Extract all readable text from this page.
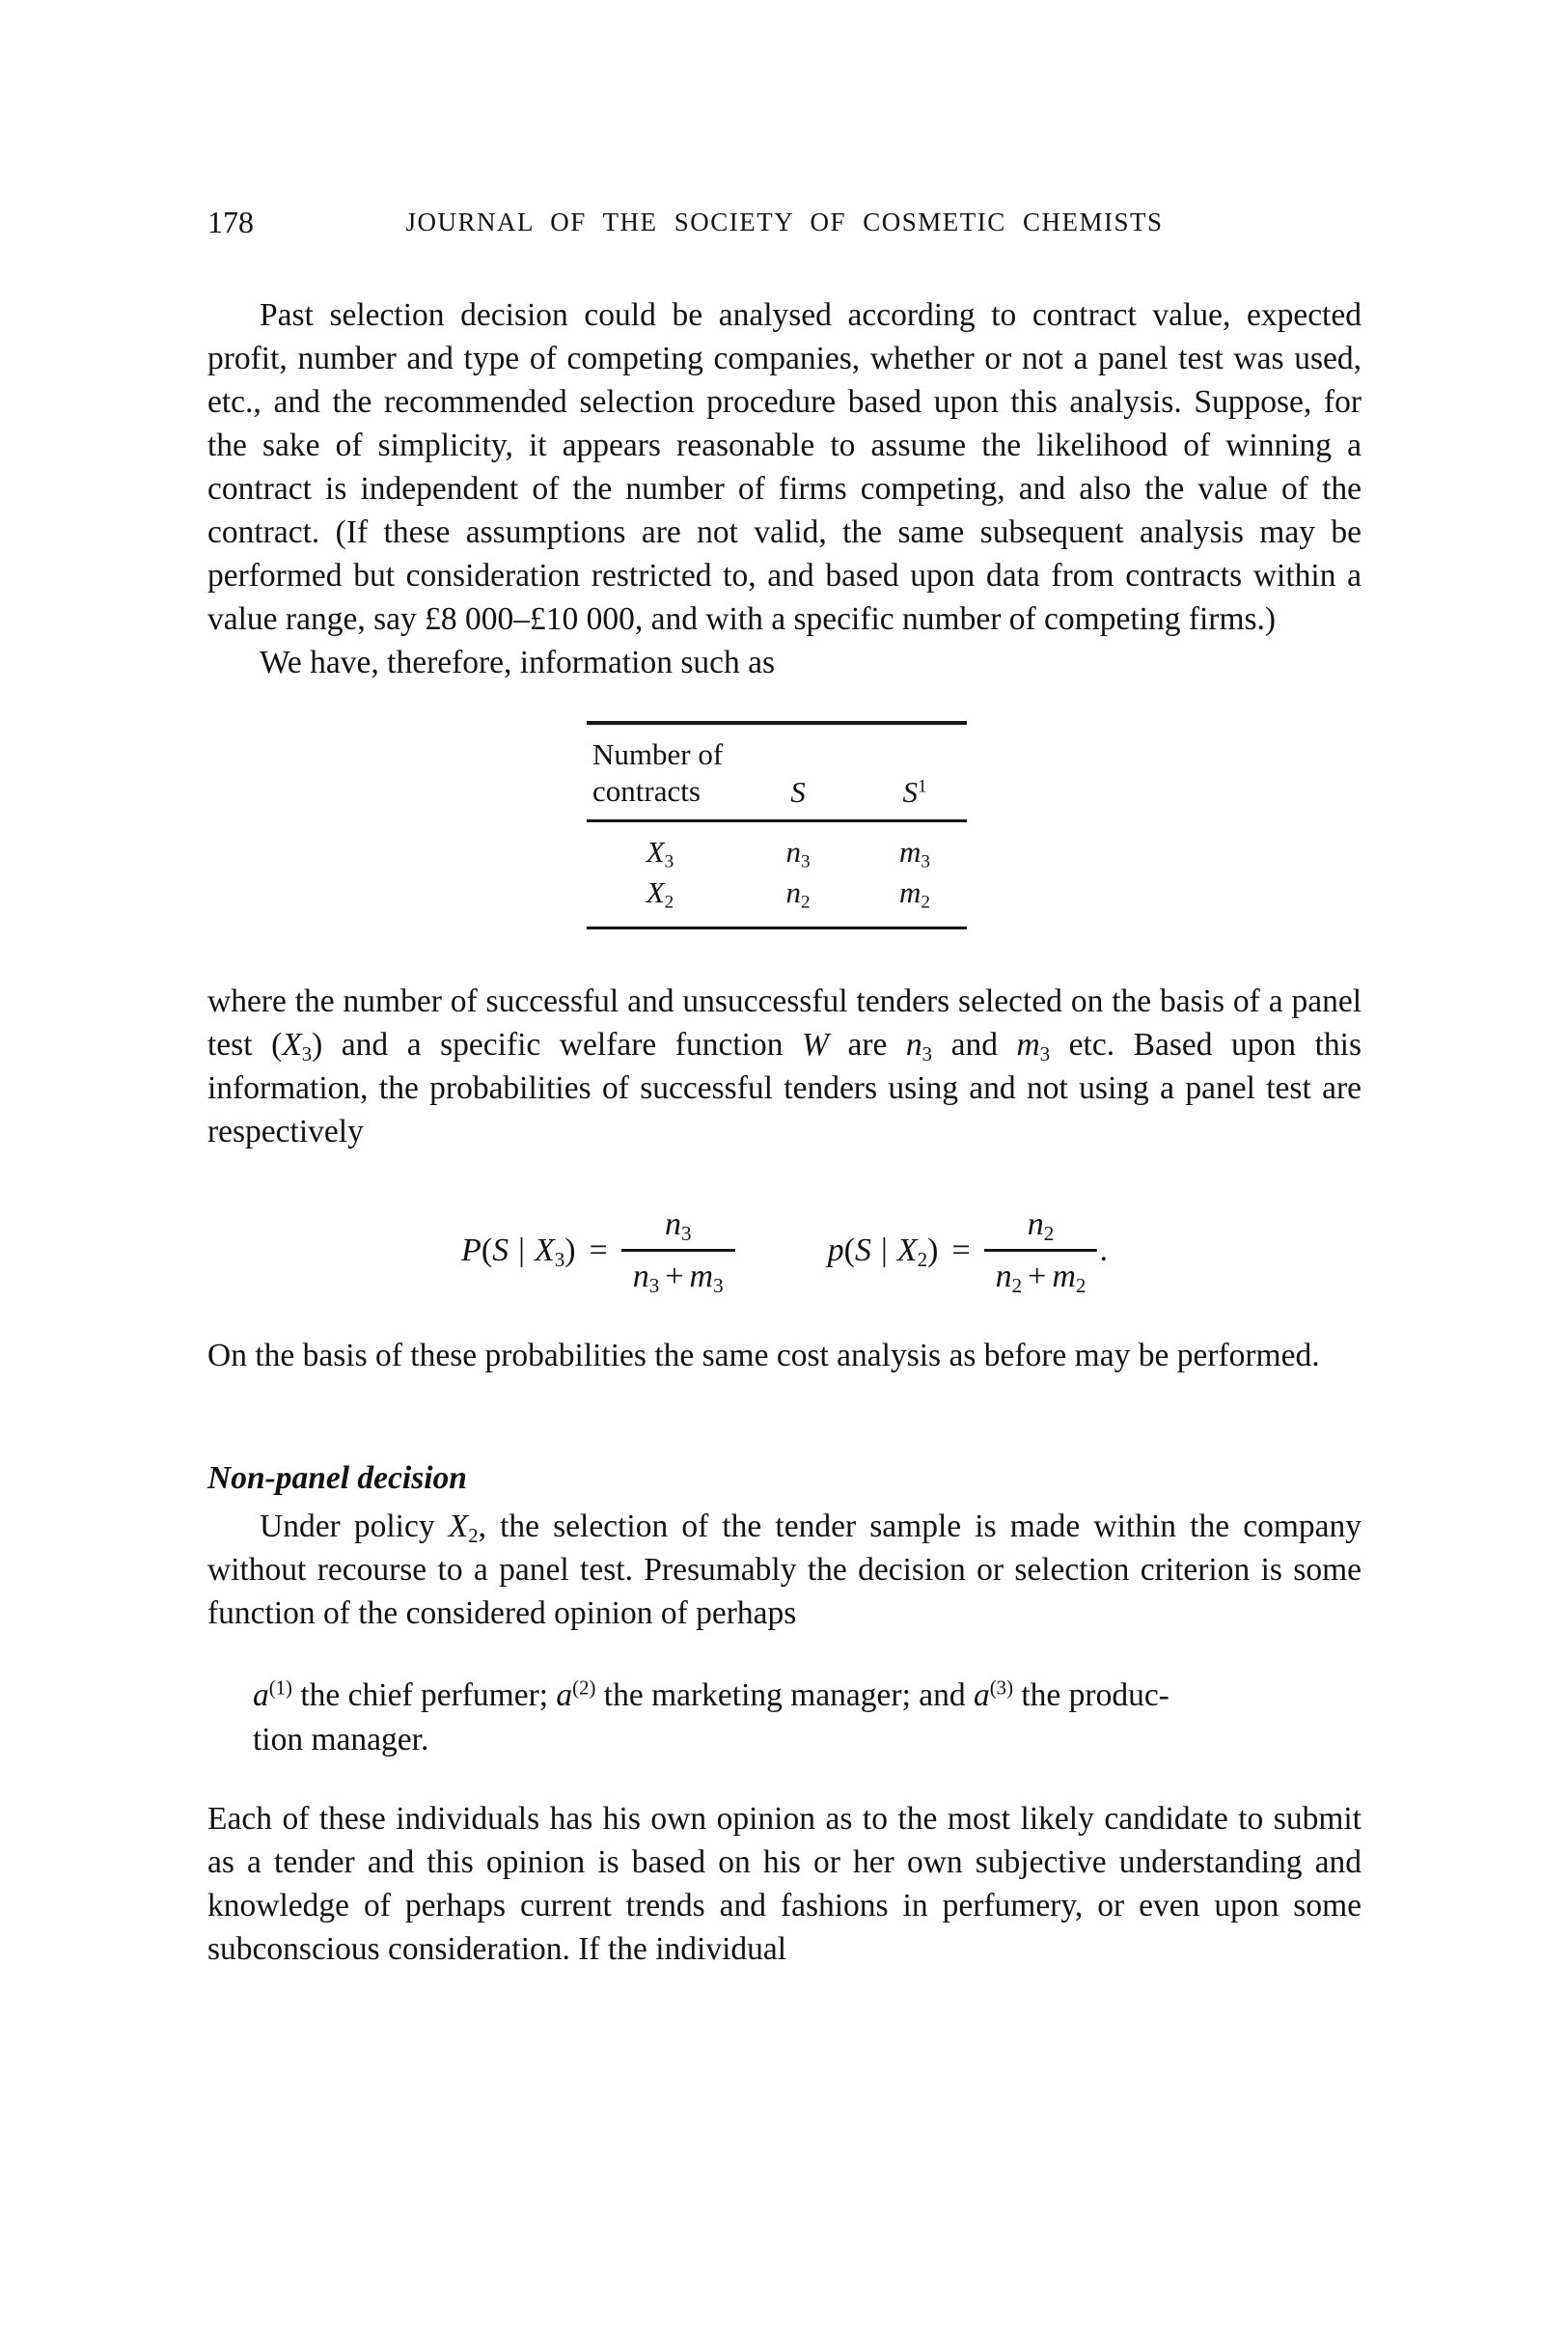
178	JOURNAL OF THE SOCIETY OF COSMETIC CHEMISTS

Past selection decision could be analysed according to contract value, expected profit, number and type of competing companies, whether or not a panel test was used, etc., and the recommended selection procedure based upon this analysis. Suppose, for the sake of simplicity, it appears reasonable to assume the likelihood of winning a contract is independent of the number of firms competing, and also the value of the contract. (If these assumptions are not valid, the same subsequent analysis may be performed but consideration restricted to, and based upon data from contracts within a value range, say £8 000–£10 000, and with a specific number of competing firms.)

We have, therefore, information such as

Number of
contracts	S	$S^1$
$X_3$	$n_3$	$m_3$
$X_2$	$n_2$	$m_2$

where the number of successful and unsuccessful tenders selected on the basis of a panel test $(X_3)$ and a specific welfare function W are $n_3$ and $m_3$ etc. Based upon this information, the probabilities of successful tenders using and not using a panel test are respectively

P(S | $X_3) = \frac{n_3}{n_3 + m_3}$	p(S | $X_2) = \frac{n_2}{n_2 + m_2}$ .

On the basis of these probabilities the same cost analysis as before may be performed.

Non-panel decision

Under policy $X_2$, the selection of the tender sample is made within the company without recourse to a panel test. Presumably the decision or selection criterion is some function of the considered opinion of perhaps

$a^{(1)}$ the chief perfumer; $a^{(2)}$ the marketing manager; and $a^{(3)}$ the produc-
tion manager.

Each of these individuals has his own opinion as to the most likely candidate to submit as a tender and this opinion is based on his or her own subjective understanding and knowledge of perhaps current trends and fashions in perfumery, or even upon some subconscious consideration. If the individual
